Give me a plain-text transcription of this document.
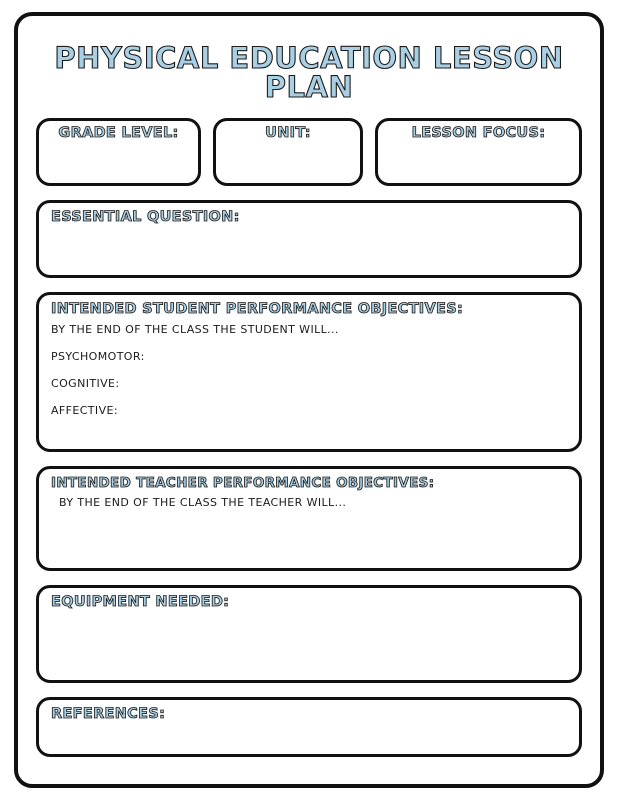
PHYSICAL EDUCATION LESSON PLAN
GRADE LEVEL:	UNIT:	LESSON FOCUS:
ESSENTIAL QUESTION:
INTENDED STUDENT PERFORMANCE OBJECTIVES:
BY THE END OF THE CLASS THE STUDENT WILL...
PSYCHOMOTOR:
COGNITIVE:
AFFECTIVE:
INTENDED TEACHER PERFORMANCE OBJECTIVES:
BY THE END OF THE CLASS THE TEACHER WILL...
EQUIPMENT NEEDED:
REFERENCES:
